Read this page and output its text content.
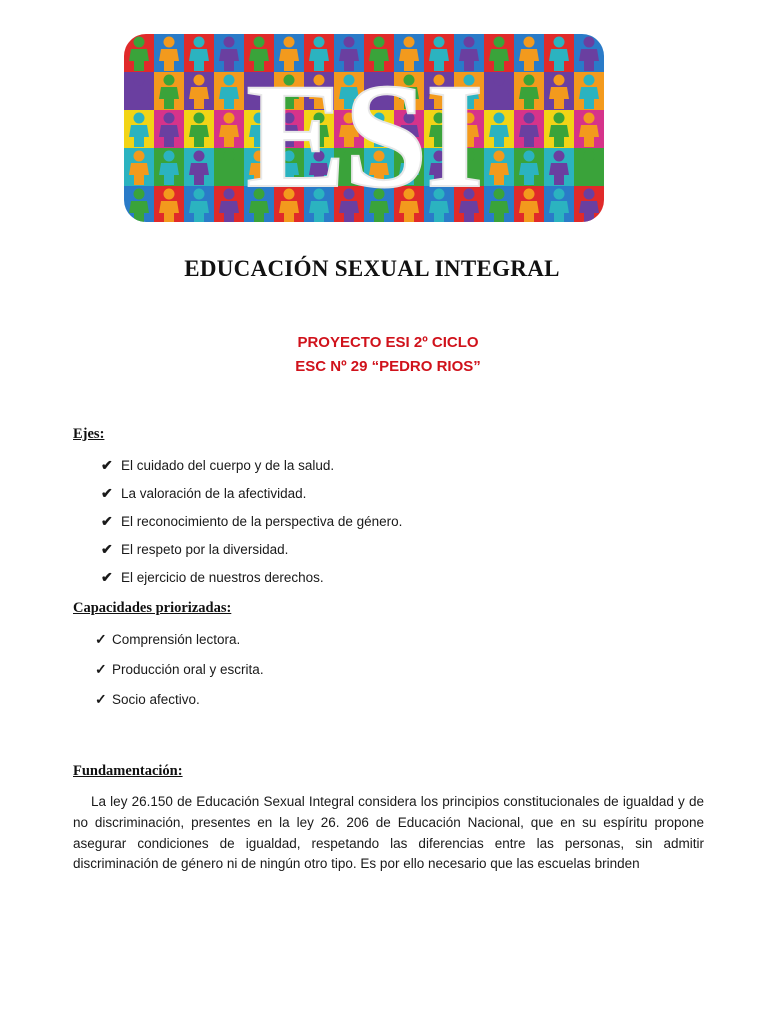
ESI
EDUCACIÓN SEXUAL INTEGRAL
PROYECTO ESI 2º CICLO
ESC Nº 29 “PEDRO RIOS”
Ejes:
✔ El cuidado del cuerpo y de la salud.
✔ La valoración de la afectividad.
✔ El reconocimiento de la perspectiva de género.
✔ El respeto por la diversidad.
✔ El ejercicio de nuestros derechos.
Capacidades priorizadas:
✓ Comprensión lectora.
✓ Producción oral y escrita.
✓ Socio afectivo.
Fundamentación:
La ley 26.150 de Educación Sexual Integral considera los principios constitucionales de igualdad y de no discriminación, presentes en la ley 26. 206 de Educación Nacional, que en su espíritu propone asegurar condiciones de igualdad, respetando las diferencias entre las personas, sin admitir discriminación de género ni de ningún otro tipo. Es por ello necesario que las escuelas brinden
